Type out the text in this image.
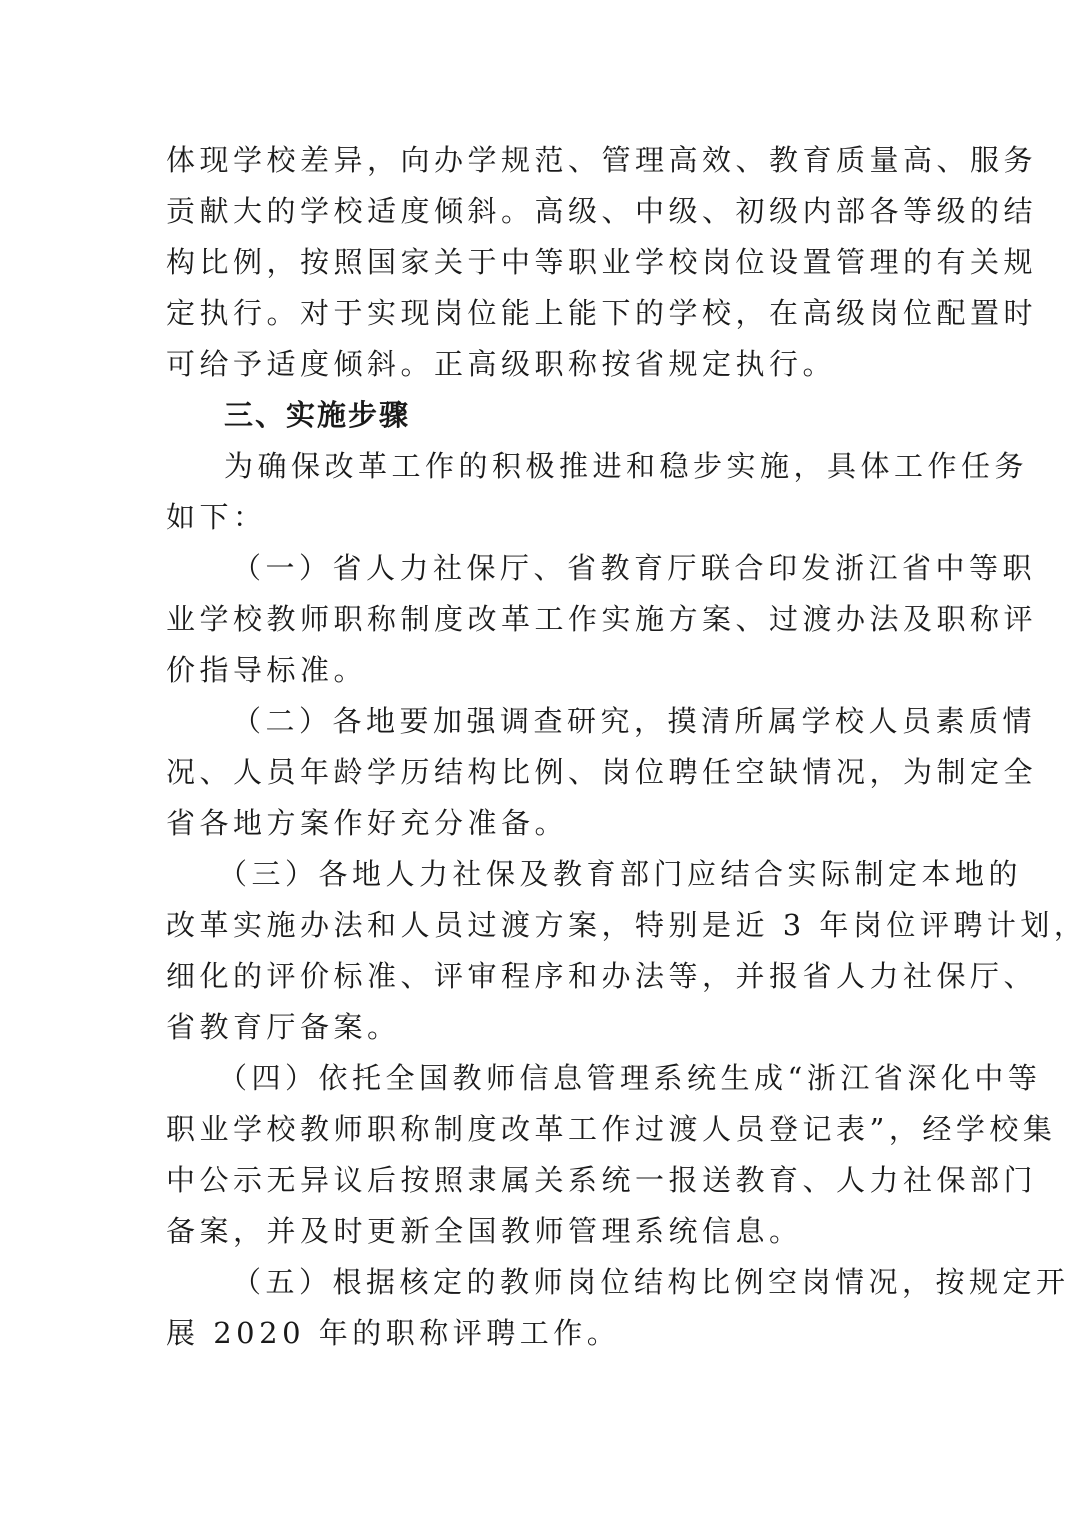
体现学校差异，向办学规范、管理高效、教育质量高、服务
贡献大的学校适度倾斜。高级、中级、初级内部各等级的结
构比例，按照国家关于中等职业学校岗位设置管理的有关规
定执行。对于实现岗位能上能下的学校，在高级岗位配置时
可给予适度倾斜。正高级职称按省规定执行。
三、实施步骤
为确保改革工作的积极推进和稳步实施，具体工作任务
如下：
（一）省人力社保厅、省教育厅联合印发浙江省中等职
业学校教师职称制度改革工作实施方案、过渡办法及职称评
价指导标准。
（二）各地要加强调查研究，摸清所属学校人员素质情
况、人员年龄学历结构比例、岗位聘任空缺情况，为制定全
省各地方案作好充分准备。
（三）各地人力社保及教育部门应结合实际制定本地的
改革实施办法和人员过渡方案，特别是近 3 年岗位评聘计划，
细化的评价标准、评审程序和办法等，并报省人力社保厅、
省教育厅备案。
（四）依托全国教师信息管理系统生成“浙江省深化中等
职业学校教师职称制度改革工作过渡人员登记表”，经学校集
中公示无异议后按照隶属关系统一报送教育、人力社保部门
备案，并及时更新全国教师管理系统信息。
（五）根据核定的教师岗位结构比例空岗情况，按规定开
展 2020 年的职称评聘工作。
